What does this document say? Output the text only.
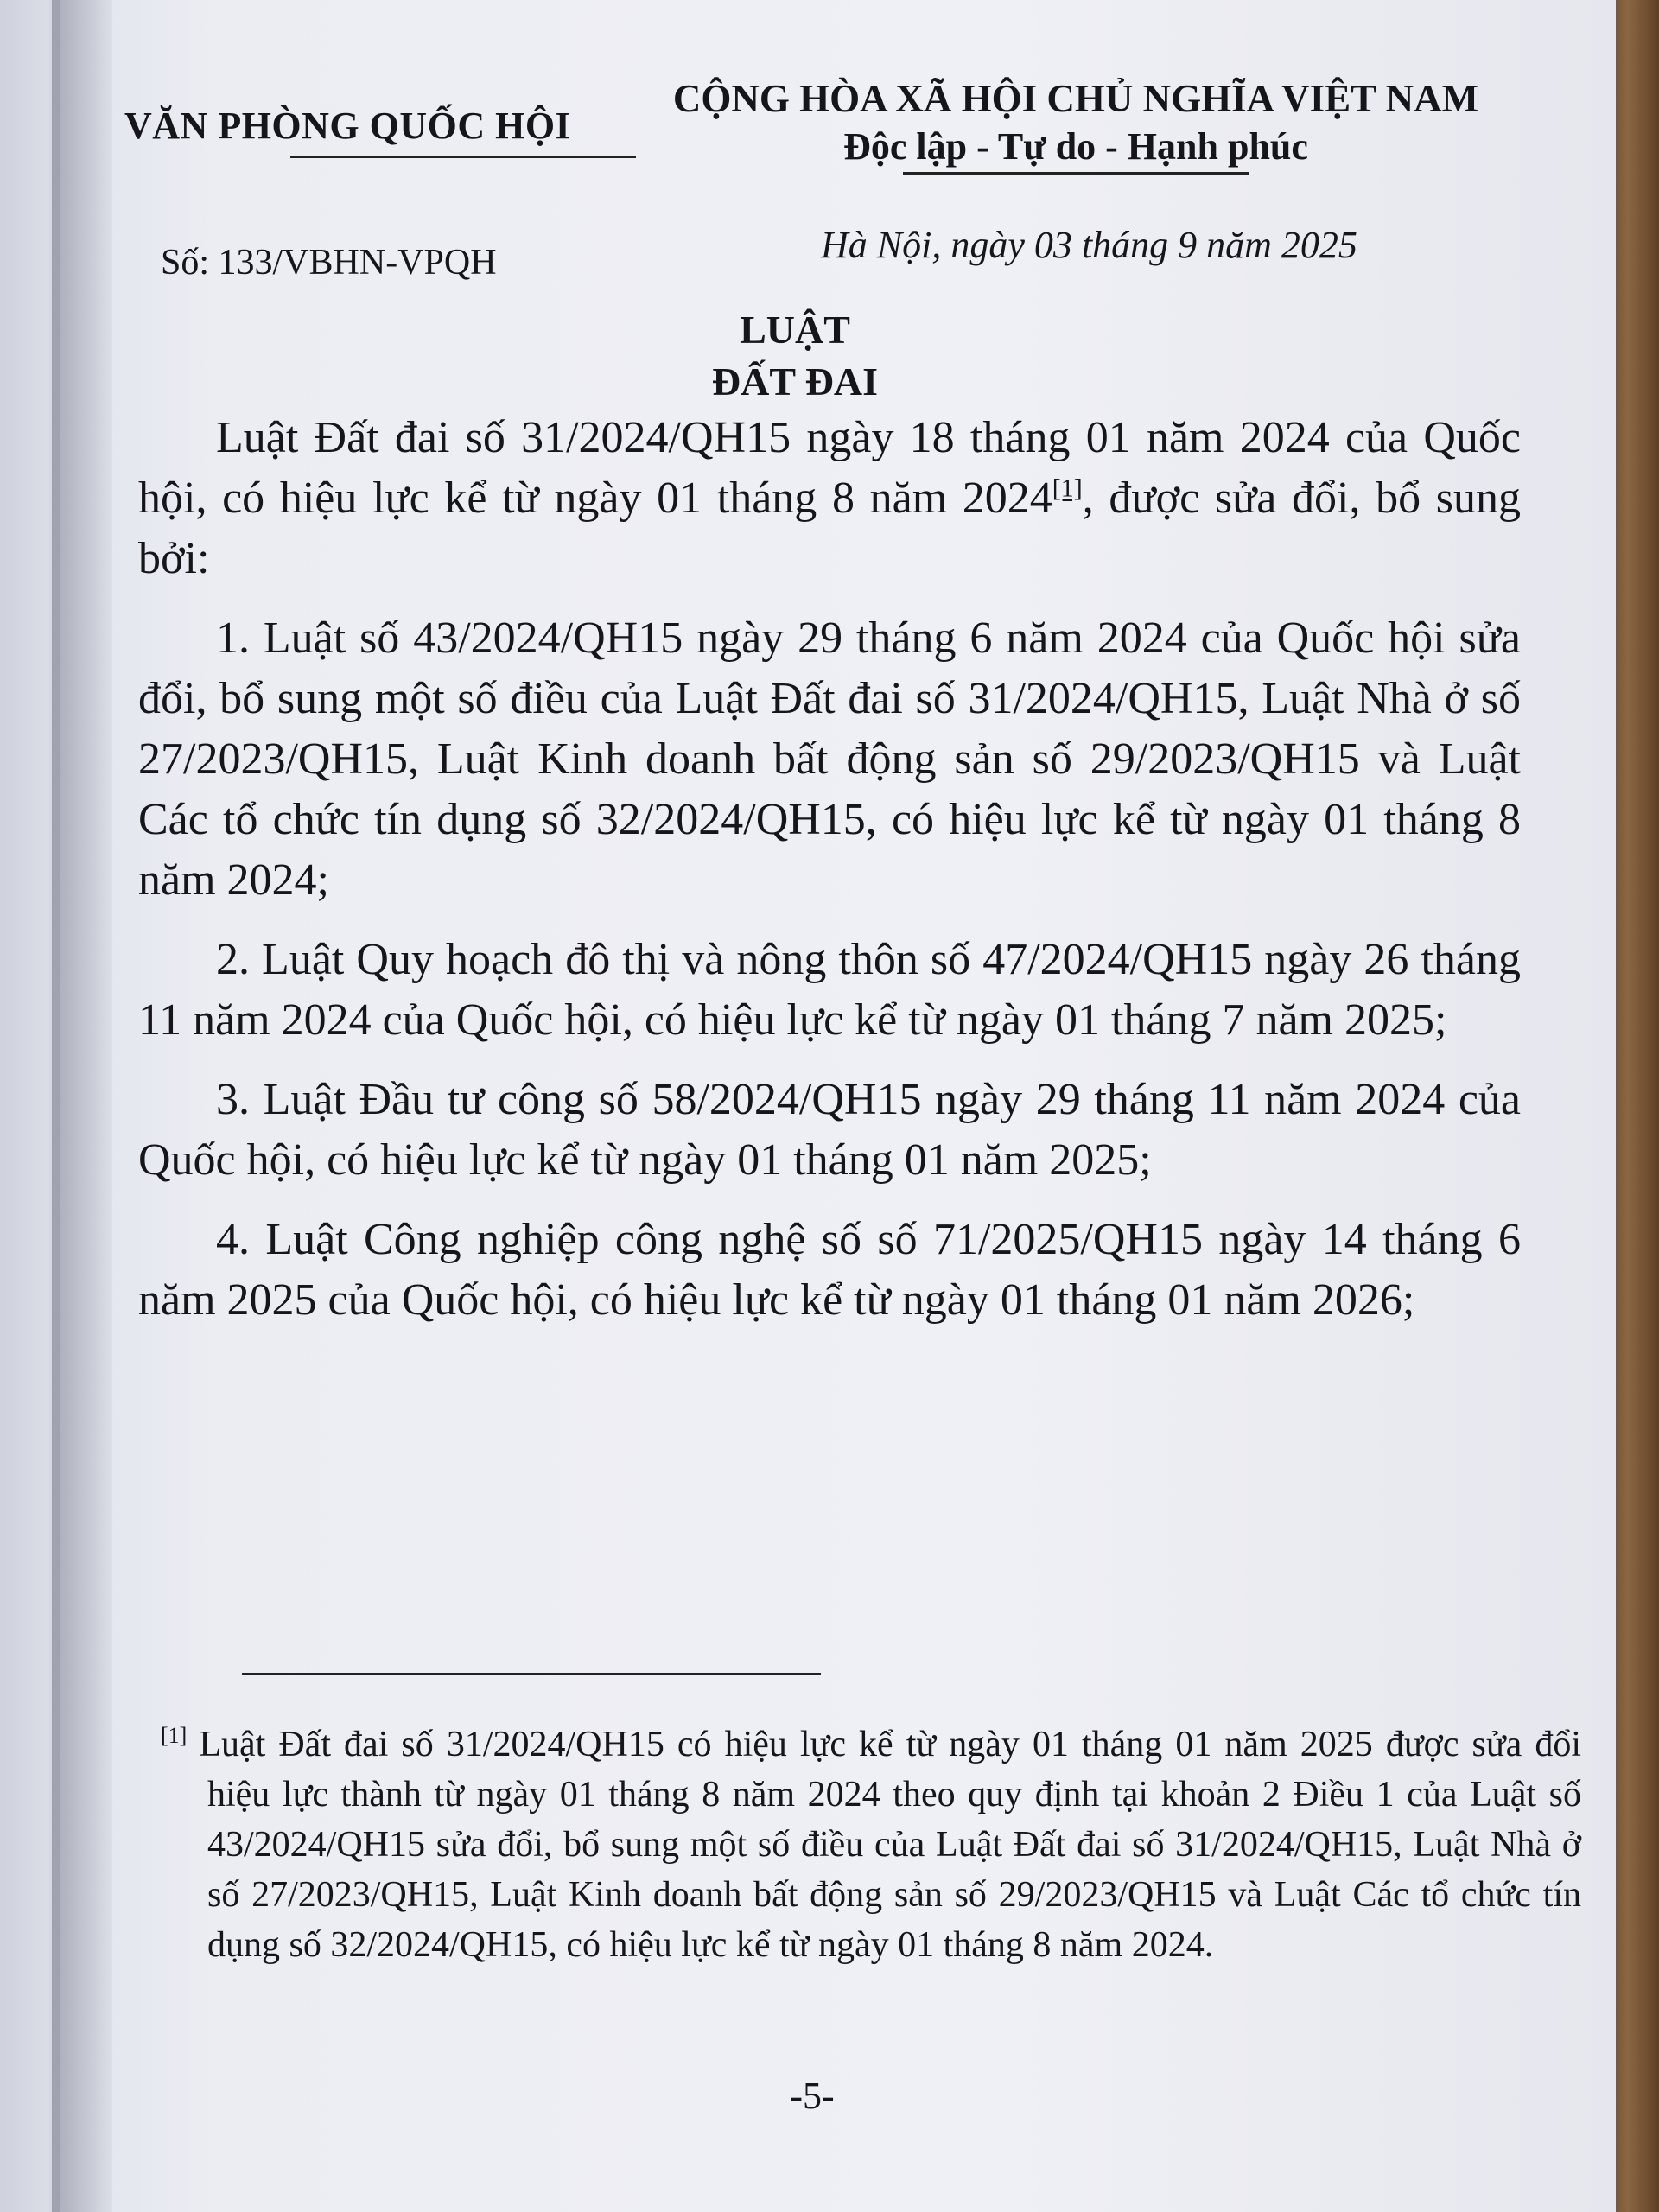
VĂN PHÒNG QUỐC HỘI
CỘNG HÒA XÃ HỘI CHỦ NGHĨA VIỆT NAM
Độc lập - Tự do - Hạnh phúc
Số: 133/VBHN-VPQH	Hà Nội, ngày 03 tháng 9 năm 2025
LUẬT
ĐẤT ĐAI

Luật Đất đai số 31/2024/QH15 ngày 18 tháng 01 năm 2024 của Quốc hội, có hiệu lực kể từ ngày 01 tháng 8 năm 2024[1], được sửa đổi, bổ sung bởi:

1. Luật số 43/2024/QH15 ngày 29 tháng 6 năm 2024 của Quốc hội sửa đổi, bổ sung một số điều của Luật Đất đai số 31/2024/QH15, Luật Nhà ở số 27/2023/QH15, Luật Kinh doanh bất động sản số 29/2023/QH15 và Luật Các tổ chức tín dụng số 32/2024/QH15, có hiệu lực kể từ ngày 01 tháng 8 năm 2024;

2. Luật Quy hoạch đô thị và nông thôn số 47/2024/QH15 ngày 26 tháng 11 năm 2024 của Quốc hội, có hiệu lực kể từ ngày 01 tháng 7 năm 2025;

3. Luật Đầu tư công số 58/2024/QH15 ngày 29 tháng 11 năm 2024 của Quốc hội, có hiệu lực kể từ ngày 01 tháng 01 năm 2025;

4. Luật Công nghiệp công nghệ số số 71/2025/QH15 ngày 14 tháng 6 năm 2025 của Quốc hội, có hiệu lực kể từ ngày 01 tháng 01 năm 2026;

[1] Luật Đất đai số 31/2024/QH15 có hiệu lực kể từ ngày 01 tháng 01 năm 2025 được sửa đổi hiệu lực thành từ ngày 01 tháng 8 năm 2024 theo quy định tại khoản 2 Điều 1 của Luật số 43/2024/QH15 sửa đổi, bổ sung một số điều của Luật Đất đai số 31/2024/QH15, Luật Nhà ở số 27/2023/QH15, Luật Kinh doanh bất động sản số 29/2023/QH15 và Luật Các tổ chức tín dụng số 32/2024/QH15, có hiệu lực kể từ ngày 01 tháng 8 năm 2024.
-5-
